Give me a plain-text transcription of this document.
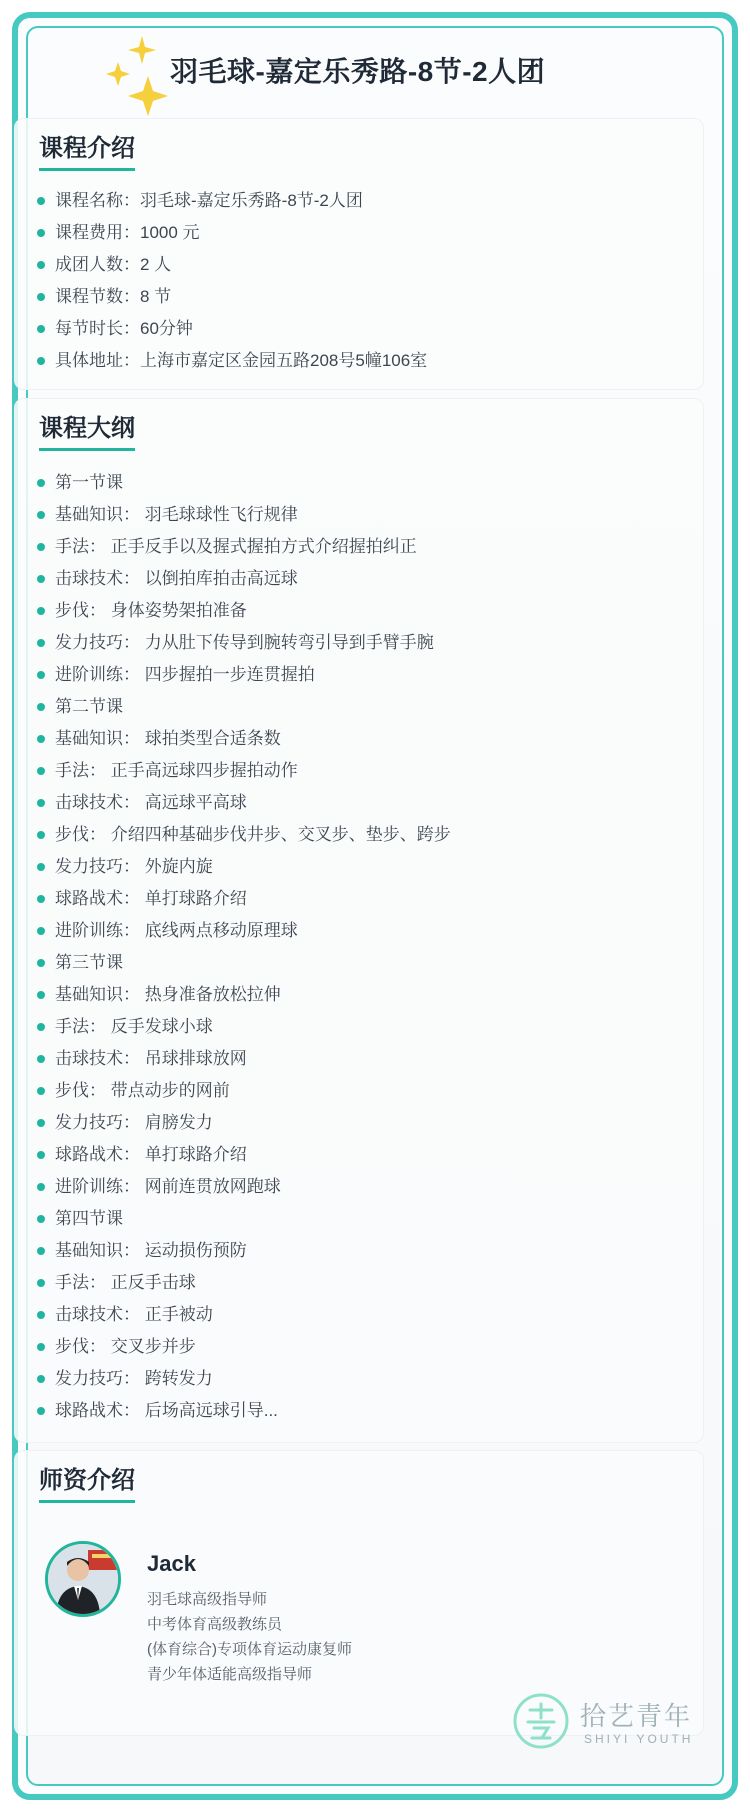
羽毛球-嘉定乐秀路-8节-2人团
课程介绍
课程名称：羽毛球-嘉定乐秀路-8节-2人团
课程费用：1000 元
成团人数：2 人
课程节数：8 节
每节时长：60分钟
具体地址：上海市嘉定区金园五路208号5幢106室
课程大纲
第一节课
基础知识： 羽毛球球性飞行规律
手法： 正手反手以及握式握拍方式介绍握拍纠正
击球技术： 以倒拍库拍击高远球
步伐： 身体姿势架拍准备
发力技巧： 力从肚下传导到腕转弯引导到手臂手腕
进阶训练： 四步握拍一步连贯握拍
第二节课
基础知识： 球拍类型合适条数
手法： 正手高远球四步握拍动作
击球技术： 高远球平高球
步伐： 介绍四种基础步伐井步、交叉步、垫步、跨步
发力技巧： 外旋内旋
球路战术： 单打球路介绍
进阶训练： 底线两点移动原理球
第三节课
基础知识： 热身准备放松拉伸
手法： 反手发球小球
击球技术： 吊球排球放网
步伐： 带点动步的网前
发力技巧： 肩膀发力
球路战术： 单打球路介绍
进阶训练： 网前连贯放网跑球
第四节课
基础知识： 运动损伤预防
手法： 正反手击球
击球技术： 正手被动
步伐： 交叉步并步
发力技巧： 跨转发力
球路战术： 后场高远球引导...
师资介绍
Jack
羽毛球高级指导师
中考体育高级教练员
(体育综合)专项体育运动康复师
青少年体适能高级指导师
拾艺青年
SHIYI YOUTH
